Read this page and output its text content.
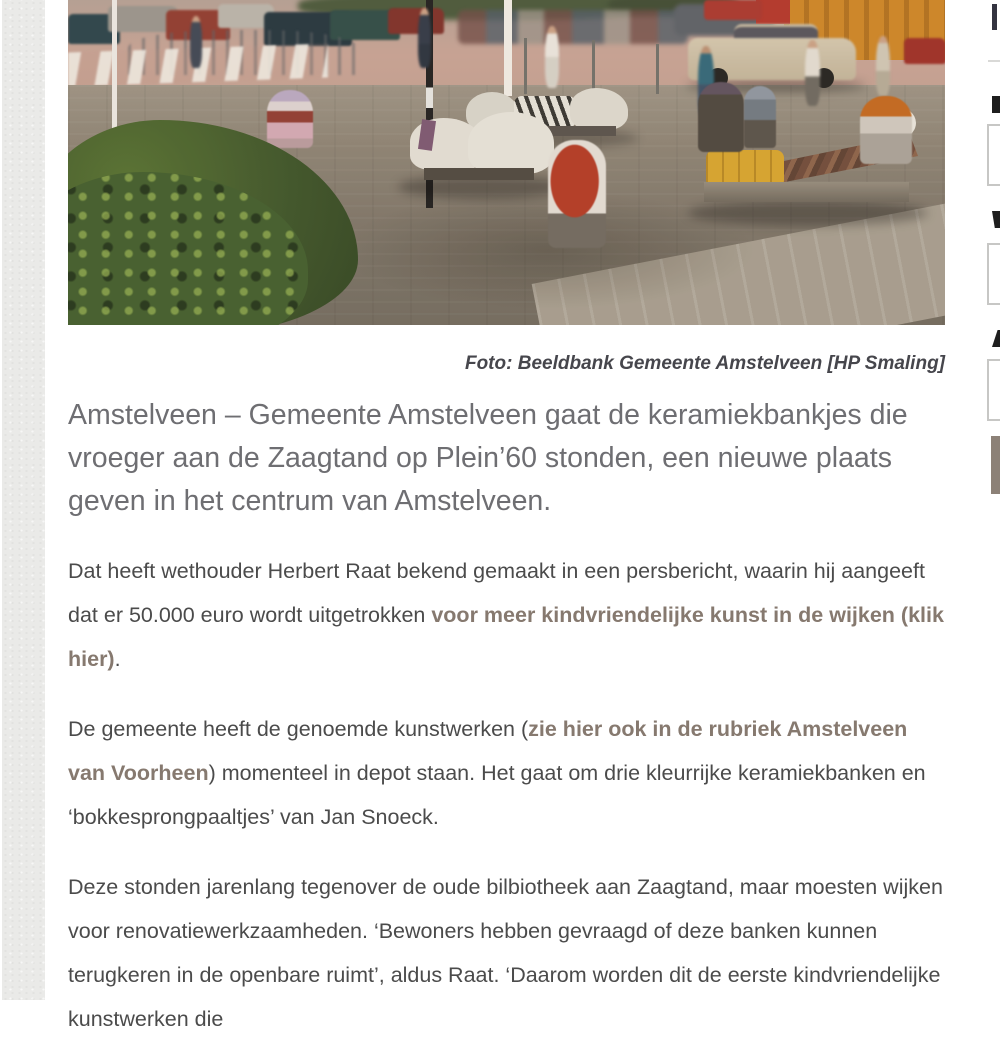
Foto: Beeldbank Gemeente Amstelveen [HP Smaling]

Amstelveen – Gemeente Amstelveen gaat de keramiekbankjes die vroeger aan de Zaagtand op Plein’60 stonden, een nieuwe plaats geven in het centrum van Amstelveen.

Dat heeft wethouder Herbert Raat bekend gemaakt in een persbericht, waarin hij aangeeft dat er 50.000 euro wordt uitgetrokken voor meer kindvriendelijke kunst in de wijken (klik hier).

De gemeente heeft de genoemde kunstwerken (zie hier ook in de rubriek Amstelveen van Voorheen) momenteel in depot staan. Het gaat om drie kleurrijke keramiekbanken en ‘bokkesprongpaaltjes’ van Jan Snoeck.

Deze stonden jarenlang tegenover de oude bilbiotheek aan Zaagtand, maar moesten wijken voor renovatiewerkzaamheden. ‘Bewoners hebben gevraagd of deze banken kunnen terugkeren in de openbare ruimt’, aldus Raat. ‘Daarom worden dit de eerste kindvriendelijke kunstwerken die
